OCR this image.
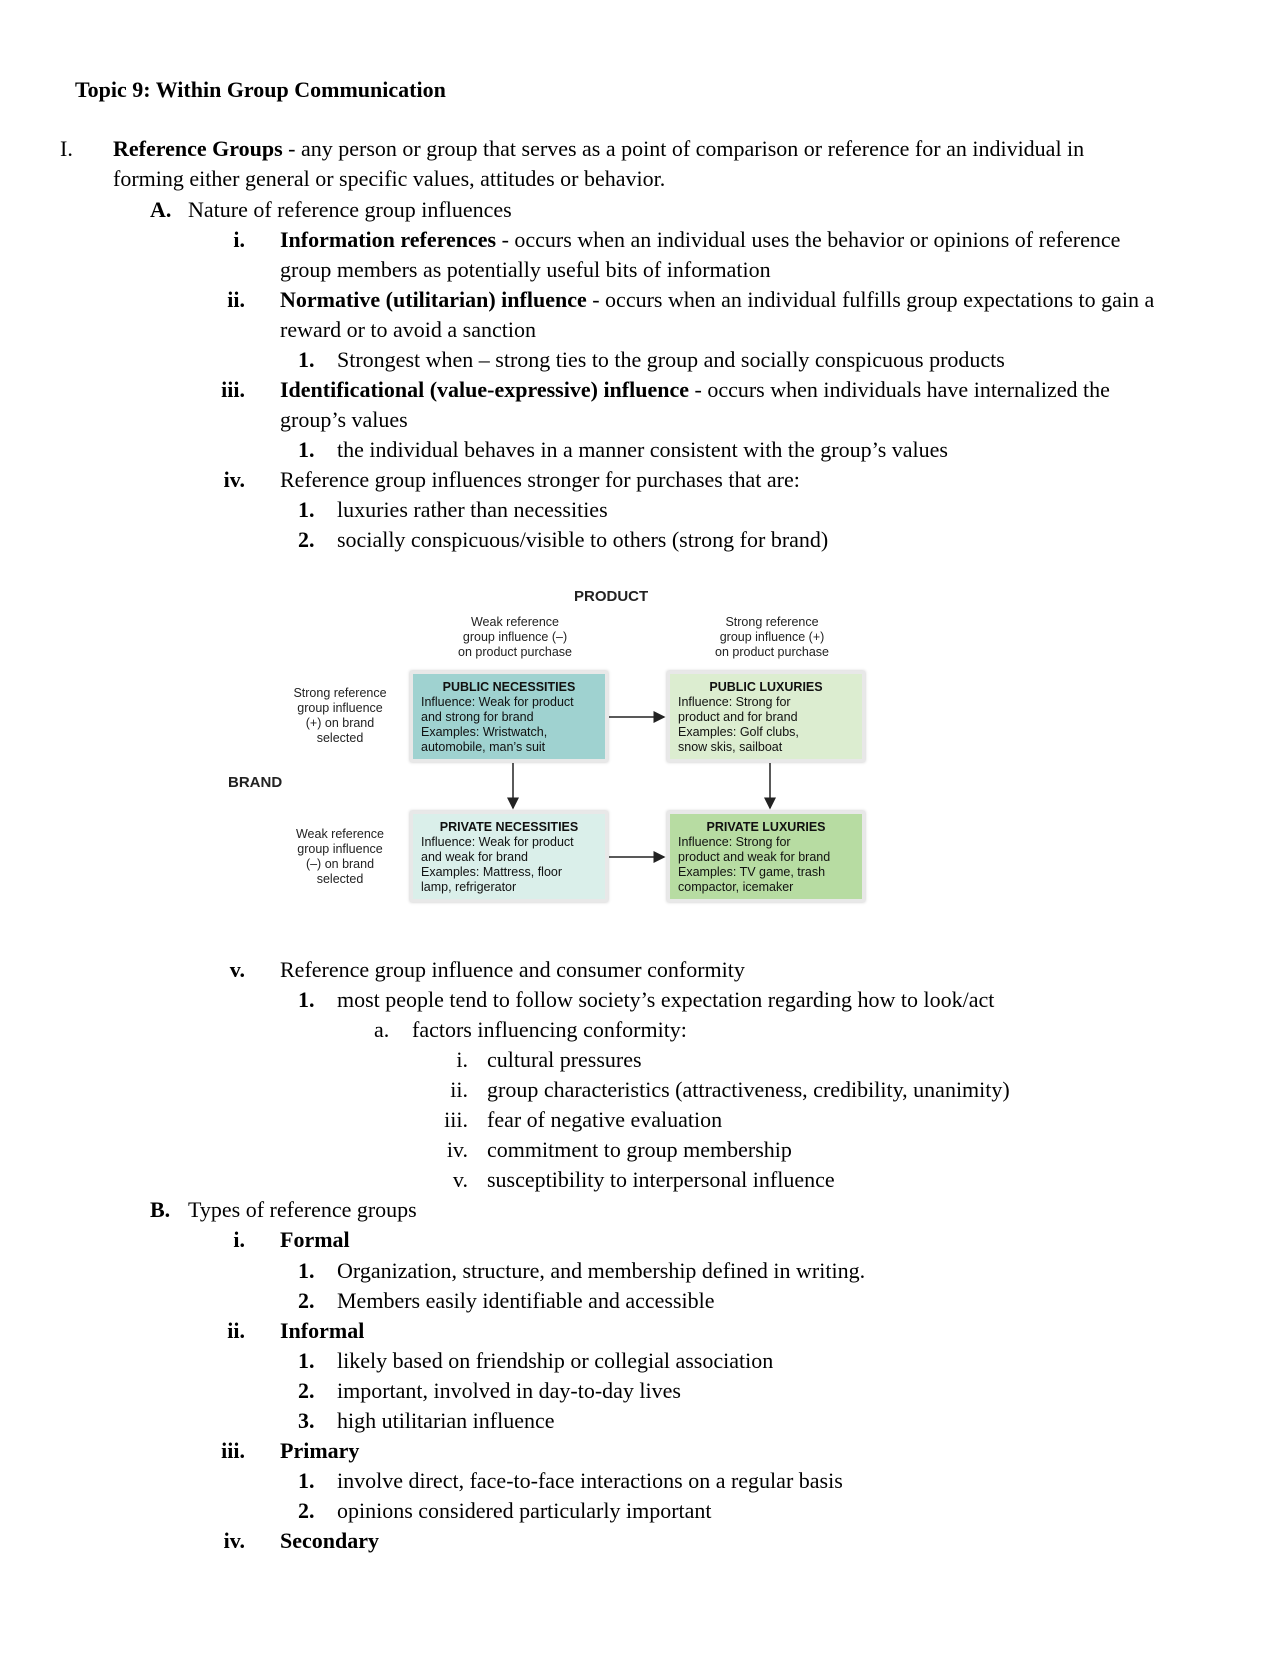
Topic 9: Within Group Communication
I. Reference Groups - any person or group that serves as a point of comparison or reference for an individual in
forming either general or specific values, attitudes or behavior.
A. Nature of reference group influences
i. Information references - occurs when an individual uses the behavior or opinions of reference
group members as potentially useful bits of information
ii. Normative (utilitarian) influence - occurs when an individual fulfills group expectations to gain a
reward or to avoid a sanction
1. Strongest when – strong ties to the group and socially conspicuous products
iii. Identificational (value-expressive) influence - occurs when individuals have internalized the
group’s values
1. the individual behaves in a manner consistent with the group’s values
iv. Reference group influences stronger for purchases that are:
1. luxuries rather than necessities
2. socially conspicuous/visible to others (strong for brand)
PRODUCT
Weak reference
group influence (–)
on product purchase
Strong reference
group influence (+)
on product purchase
Strong reference
group influence
(+) on brand
selected
BRAND
Weak reference
group influence
(–) on brand
selected
PUBLIC NECESSITIES
Influence: Weak for product
and strong for brand
Examples: Wristwatch,
automobile, man’s suit
PUBLIC LUXURIES
Influence: Strong for
product and for brand
Examples: Golf clubs,
snow skis, sailboat
PRIVATE NECESSITIES
Influence: Weak for product
and weak for brand
Examples: Mattress, floor
lamp, refrigerator
PRIVATE LUXURIES
Influence: Strong for
product and weak for brand
Examples: TV game, trash
compactor, icemaker
v. Reference group influence and consumer conformity
1. most people tend to follow society’s expectation regarding how to look/act
a. factors influencing conformity:
i. cultural pressures
ii. group characteristics (attractiveness, credibility, unanimity)
iii. fear of negative evaluation
iv. commitment to group membership
v. susceptibility to interpersonal influence
B. Types of reference groups
i. Formal
1. Organization, structure, and membership defined in writing.
2. Members easily identifiable and accessible
ii. Informal
1. likely based on friendship or collegial association
2. important, involved in day-to-day lives
3. high utilitarian influence
iii. Primary
1. involve direct, face-to-face interactions on a regular basis
2. opinions considered particularly important
iv. Secondary
